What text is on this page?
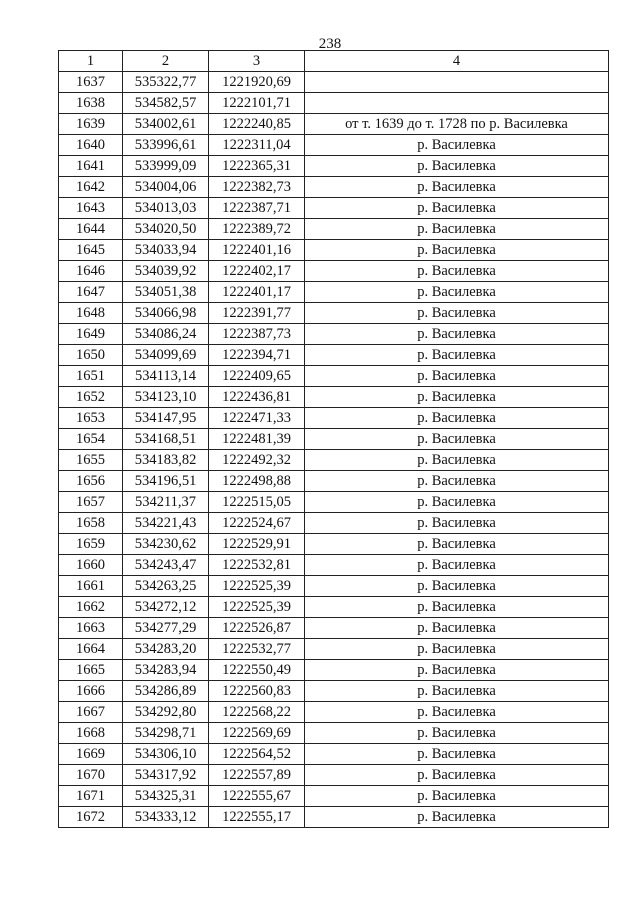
238
1	2	3	4
1637	535322,77	1221920,69	
1638	534582,57	1222101,71	
1639	534002,61	1222240,85	от т. 1639 до т. 1728 по р. Василевка
1640	533996,61	1222311,04	р. Василевка
1641	533999,09	1222365,31	р. Василевка
1642	534004,06	1222382,73	р. Василевка
1643	534013,03	1222387,71	р. Василевка
1644	534020,50	1222389,72	р. Василевка
1645	534033,94	1222401,16	р. Василевка
1646	534039,92	1222402,17	р. Василевка
1647	534051,38	1222401,17	р. Василевка
1648	534066,98	1222391,77	р. Василевка
1649	534086,24	1222387,73	р. Василевка
1650	534099,69	1222394,71	р. Василевка
1651	534113,14	1222409,65	р. Василевка
1652	534123,10	1222436,81	р. Василевка
1653	534147,95	1222471,33	р. Василевка
1654	534168,51	1222481,39	р. Василевка
1655	534183,82	1222492,32	р. Василевка
1656	534196,51	1222498,88	р. Василевка
1657	534211,37	1222515,05	р. Василевка
1658	534221,43	1222524,67	р. Василевка
1659	534230,62	1222529,91	р. Василевка
1660	534243,47	1222532,81	р. Василевка
1661	534263,25	1222525,39	р. Василевка
1662	534272,12	1222525,39	р. Василевка
1663	534277,29	1222526,87	р. Василевка
1664	534283,20	1222532,77	р. Василевка
1665	534283,94	1222550,49	р. Василевка
1666	534286,89	1222560,83	р. Василевка
1667	534292,80	1222568,22	р. Василевка
1668	534298,71	1222569,69	р. Василевка
1669	534306,10	1222564,52	р. Василевка
1670	534317,92	1222557,89	р. Василевка
1671	534325,31	1222555,67	р. Василевка
1672	534333,12	1222555,17	р. Василевка
